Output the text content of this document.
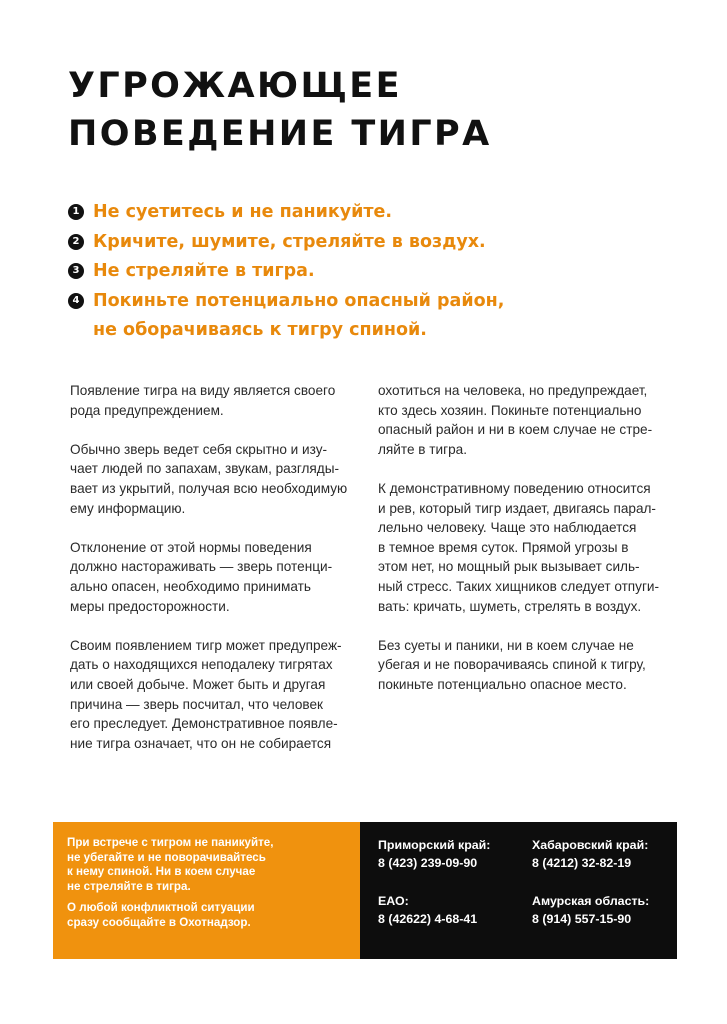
УГРОЖАЮЩЕЕ
ПОВЕДЕНИЕ ТИГРА
1 Не суетитесь и не паникуйте.
2 Кричите, шумите, стреляйте в воздух.
3 Не стреляйте в тигра.
4 Покиньте потенциально опасный район,
не оборачиваясь к тигру спиной.

Появление тигра на виду является своего
рода предупреждением.

Обычно зверь ведет себя скрытно и изу-
чает людей по запахам, звукам, разгляды-
вает из укрытий, получая всю необходимую
ему информацию.

Отклонение от этой нормы поведения
должно настораживать — зверь потенци-
ально опасен, необходимо принимать
меры предосторожности.

Своим появлением тигр может предупреж-
дать о находящихся неподалеку тигрятах
или своей добыче. Может быть и другая
причина — зверь посчитал, что человек
его преследует. Демонстративное появле-
ние тигра означает, что он не собирается

охотиться на человека, но предупреждает,
кто здесь хозяин. Покиньте потенциально
опасный район и ни в коем случае не стре-
ляйте в тигра.

К демонстративному поведению относится
и рев, который тигр издает, двигаясь парал-
лельно человеку. Чаще это наблюдается
в темное время суток. Прямой угрозы в
этом нет, но мощный рык вызывает силь-
ный стресс. Таких хищников следует отпуги-
вать: кричать, шуметь, стрелять в воздух.

Без суеты и паники, ни в коем случае не
убегая и не поворачиваясь спиной к тигру,
покиньте потенциально опасное место.

При встрече с тигром не паникуйте,
не убегайте и не поворачивайтесь
к нему спиной. Ни в коем случае
не стреляйте в тигра.

О любой конфликтной ситуации
сразу сообщайте в Охотнадзор.

Приморский край:
8 (423) 239-09-90
Хабаровский край:
8 (4212) 32-82-19
ЕАО:
8 (42622) 4-68-41
Амурская область:
8 (914) 557-15-90
